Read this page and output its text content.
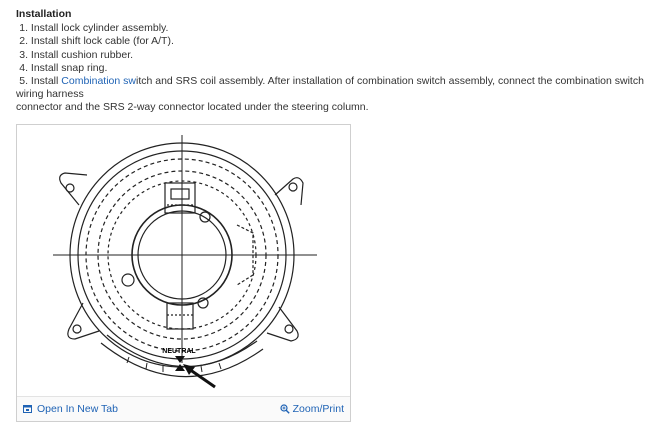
Installation
1. Install lock cylinder assembly.
2. Install shift lock cable (for A/T).
3. Install cushion rubber.
4. Install snap ring.
5. Install Combination switch and SRS coil assembly. After installation of combination switch assembly, connect the combination switch wiring harness
connector and the SRS 2-way connector located under the steering column.
NEUTRAL
Open In New Tab	Zoom/Print
